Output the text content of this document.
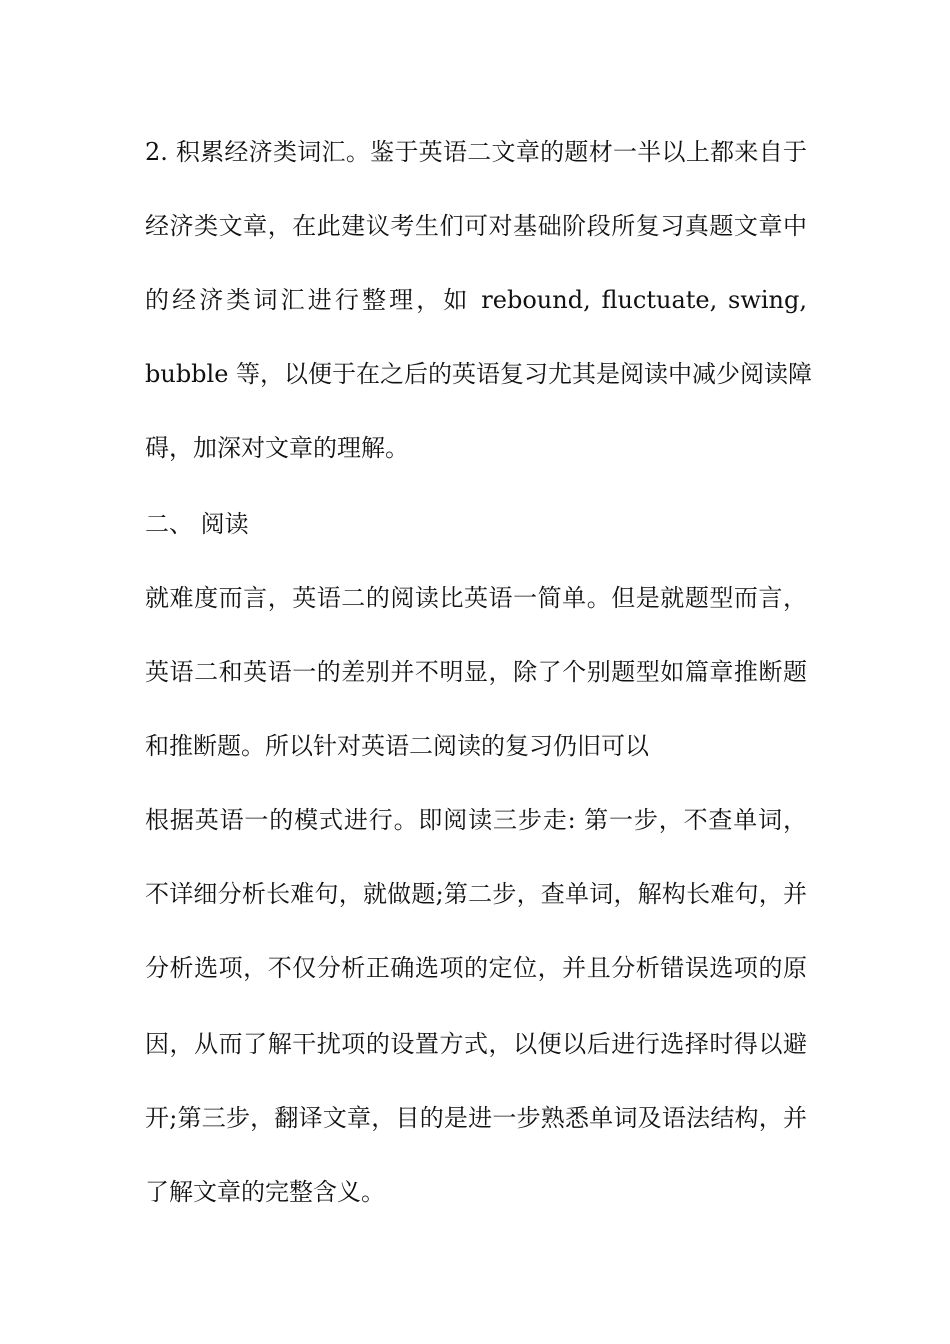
2. 积累经济类词汇。鉴于英语二文章的题材一半以上都来自于
经济类文章，在此建议考生们可对基础阶段所复习真题文章中
的经济类词汇进行整理，如 rebound, fluctuate, swing,
bubble 等，以便于在之后的英语复习尤其是阅读中减少阅读障
碍，加深对文章的理解。
二、 阅读
就难度而言，英语二的阅读比英语一简单。但是就题型而言，
英语二和英语一的差别并不明显，除了个别题型如篇章推断题
和推断题。所以针对英语二阅读的复习仍旧可以
根据英语一的模式进行。即阅读三步走: 第一步，不查单词，
不详细分析长难句，就做题;第二步，查单词，解构长难句，并
分析选项，不仅分析正确选项的定位，并且分析错误选项的原
因，从而了解干扰项的设置方式，以便以后进行选择时得以避
开;第三步，翻译文章，目的是进一步熟悉单词及语法结构，并
了解文章的完整含义。
